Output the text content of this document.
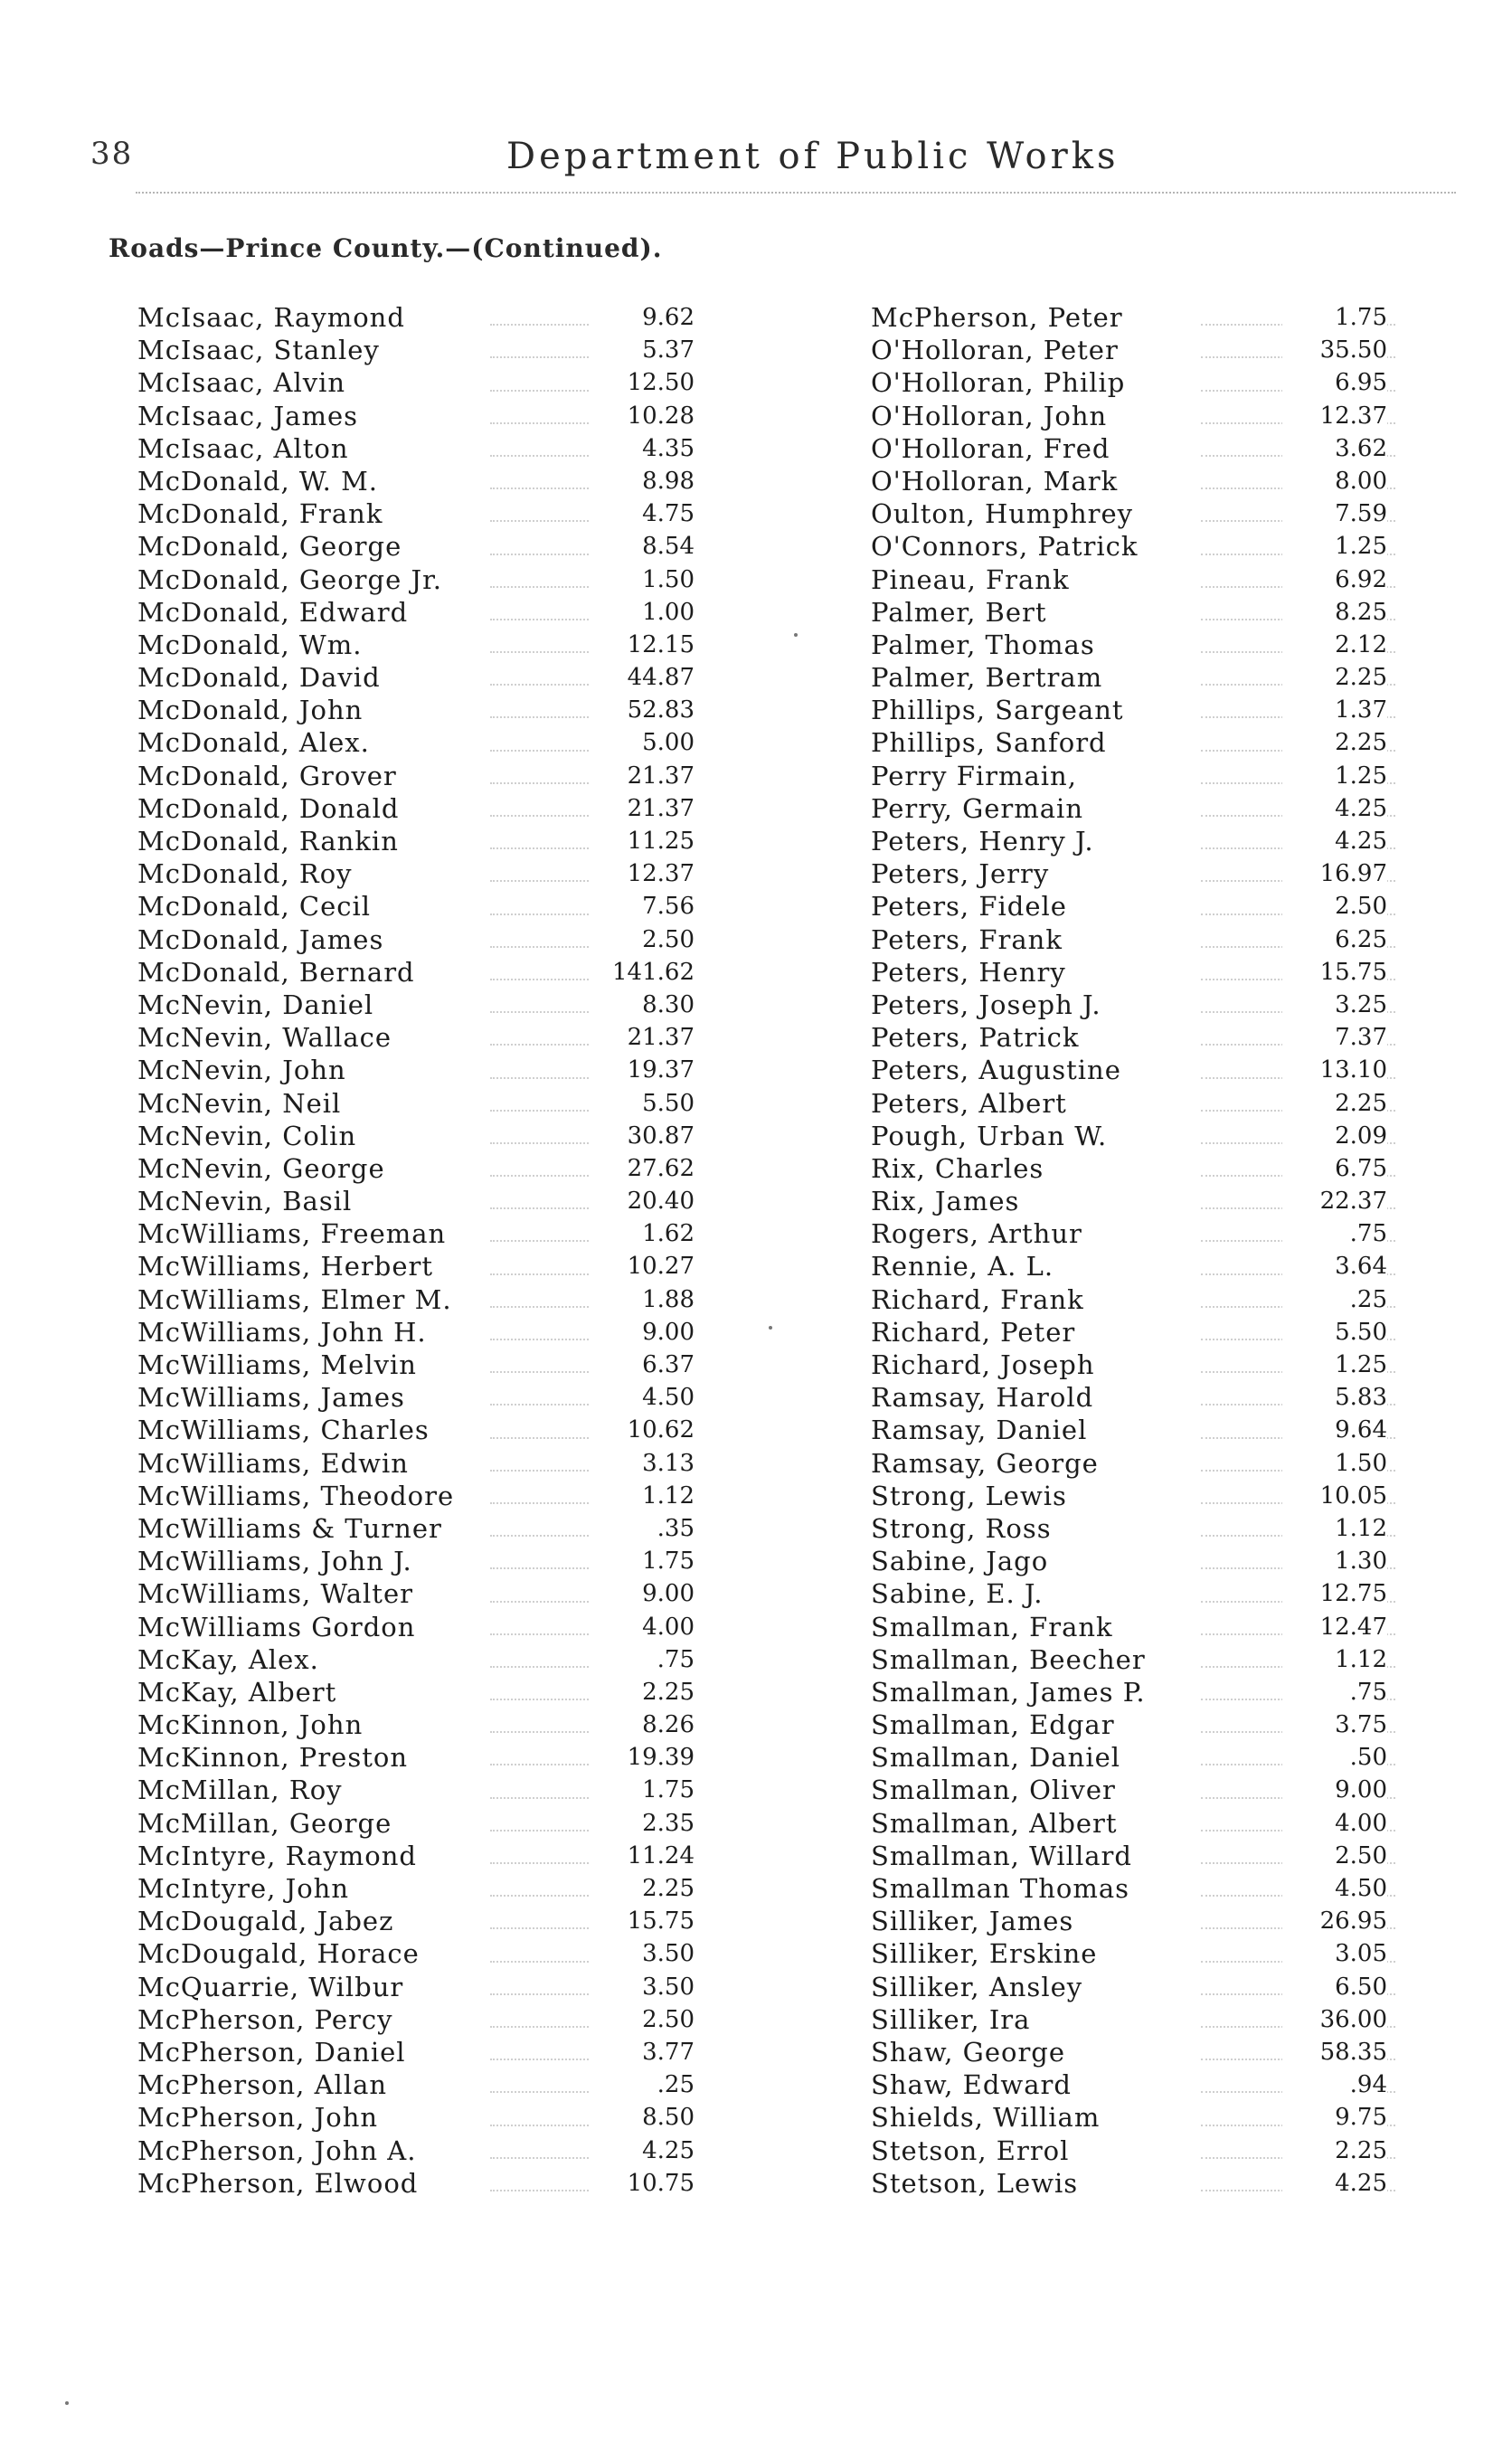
38	Department of Public Works
Roads—Prince County.—(Continued).
McIsaac, Raymond	9.62
McIsaac, Stanley	5.37
McIsaac, Alvin	12.50
McIsaac, James	10.28
McIsaac, Alton	4.35
McDonald, W. M.	8.98
McDonald, Frank	4.75
McDonald, George	8.54
McDonald, George Jr.	1.50
McDonald, Edward	1.00
McDonald, Wm.	12.15
McDonald, David	44.87
McDonald, John	52.83
McDonald, Alex.	5.00
McDonald, Grover	21.37
McDonald, Donald	21.37
McDonald, Rankin	11.25
McDonald, Roy	12.37
McDonald, Cecil	7.56
McDonald, James	2.50
McDonald, Bernard	141.62
McNevin, Daniel	8.30
McNevin, Wallace	21.37
McNevin, John	19.37
McNevin, Neil	5.50
McNevin, Colin	30.87
McNevin, George	27.62
McNevin, Basil	20.40
McWilliams, Freeman	1.62
McWilliams, Herbert	10.27
McWilliams, Elmer M.	1.88
McWilliams, John H.	9.00
McWilliams, Melvin	6.37
McWilliams, James	4.50
McWilliams, Charles	10.62
McWilliams, Edwin	3.13
McWilliams, Theodore	1.12
McWilliams & Turner	.35
McWilliams, John J.	1.75
McWilliams, Walter	9.00
McWilliams Gordon	4.00
McKay, Alex.	.75
McKay, Albert	2.25
McKinnon, John	8.26
McKinnon, Preston	19.39
McMillan, Roy	1.75
McMillan, George	2.35
McIntyre, Raymond	11.24
McIntyre, John	2.25
McDougald, Jabez	15.75
McDougald, Horace	3.50
McQuarrie, Wilbur	3.50
McPherson, Percy	2.50
McPherson, Daniel	3.77
McPherson, Allan	.25
McPherson, John	8.50
McPherson, John A.	4.25
McPherson, Elwood	10.75
McPherson, Peter	1.75
O'Holloran, Peter	35.50
O'Holloran, Philip	6.95
O'Holloran, John	12.37
O'Holloran, Fred	3.62
O'Holloran, Mark	8.00
Oulton, Humphrey	7.59
O'Connors, Patrick	1.25
Pineau, Frank	6.92
Palmer, Bert	8.25
Palmer, Thomas	2.12
Palmer, Bertram	2.25
Phillips, Sargeant	1.37
Phillips, Sanford	2.25
Perry Firmain,	1.25
Perry, Germain	4.25
Peters, Henry J.	4.25
Peters, Jerry	16.97
Peters, Fidele	2.50
Peters, Frank	6.25
Peters, Henry	15.75
Peters, Joseph J.	3.25
Peters, Patrick	7.37
Peters, Augustine	13.10
Peters, Albert	2.25
Pough, Urban W.	2.09
Rix, Charles	6.75
Rix, James	22.37
Rogers, Arthur	.75
Rennie, A. L.	3.64
Richard, Frank	.25
Richard, Peter	5.50
Richard, Joseph	1.25
Ramsay, Harold	5.83
Ramsay, Daniel	9.64
Ramsay, George	1.50
Strong, Lewis	10.05
Strong, Ross	1.12
Sabine, Jago	1.30
Sabine, E. J.	12.75
Smallman, Frank	12.47
Smallman, Beecher	1.12
Smallman, James P.	.75
Smallman, Edgar	3.75
Smallman, Daniel	.50
Smallman, Oliver	9.00
Smallman, Albert	4.00
Smallman, Willard	2.50
Smallman Thomas	4.50
Silliker, James	26.95
Silliker, Erskine	3.05
Silliker, Ansley	6.50
Silliker, Ira	36.00
Shaw, George	58.35
Shaw, Edward	.94
Shields, William	9.75
Stetson, Errol	2.25
Stetson, Lewis	4.25
